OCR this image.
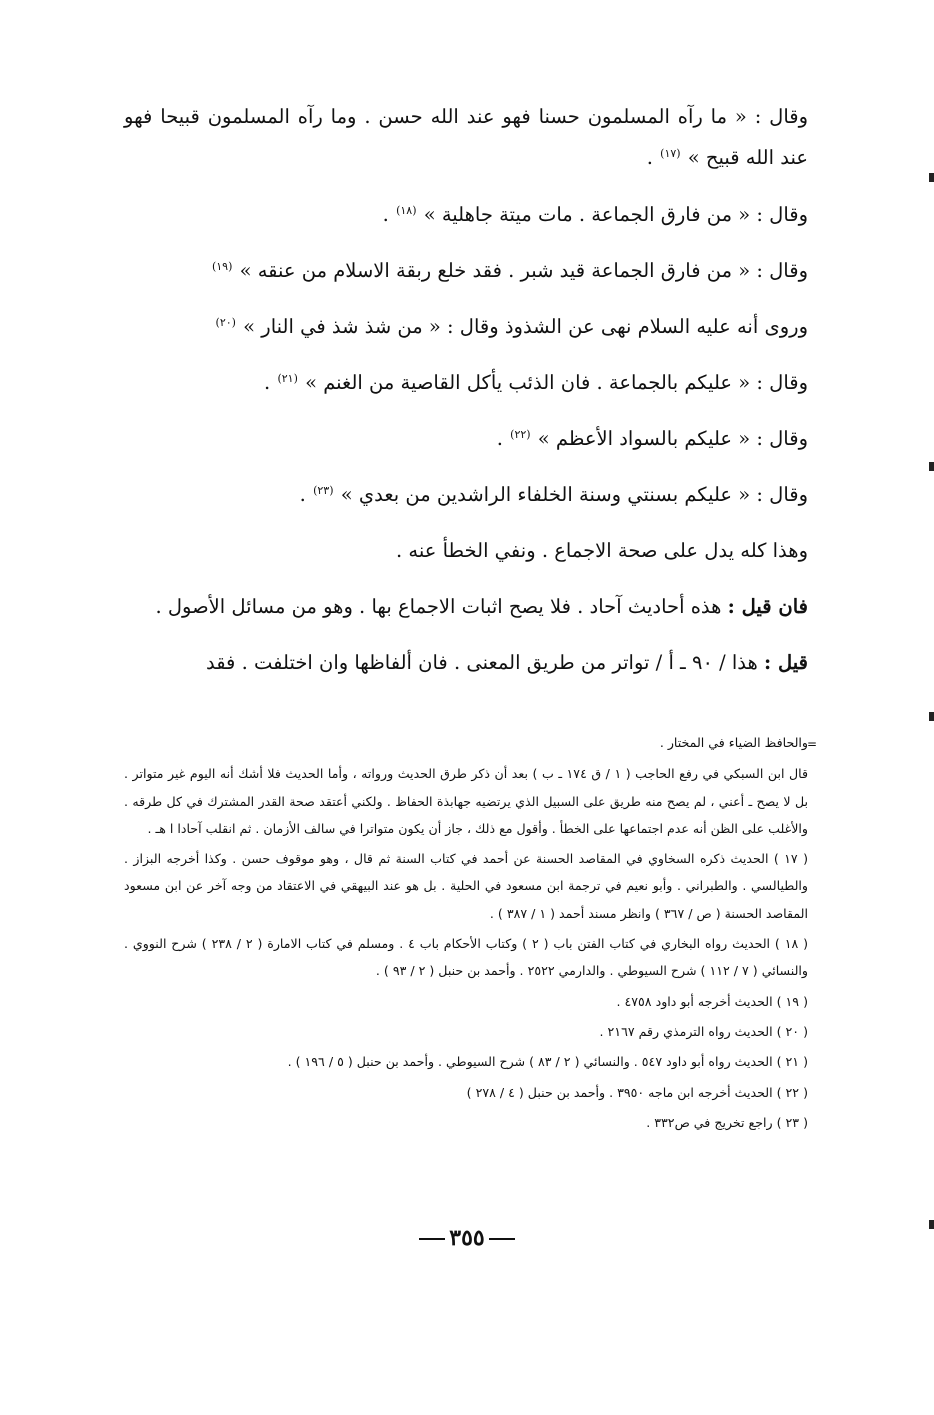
وقال : « ما رآه المسلمون حسنا فهو عند الله حسن . وما رآه المسلمون قبيحا فهو عند الله قبيح » $^{(١٧)}$ .

وقال : « من فارق الجماعة . مات ميتة جاهلية » $^{(١٨)}$ .

وقال : « من فارق الجماعة قيد شبر . فقد خلع ربقة الاسلام من عنقه » $^{(١٩)}$

وروى أنه عليه السلام نهى عن الشذوذ وقال : « من شذ شذ في النار » $^{(٢٠)}$

وقال : « عليكم بالجماعة . فان الذئب يأكل القاصية من الغنم » $^{(٢١)}$ .

وقال : « عليكم بالسواد الأعظم » $^{(٢٢)}$ .

وقال : « عليكم بسنتي وسنة الخلفاء الراشدين من بعدي » $^{(٢٣)}$ .

وهذا كله يدل على صحة الاجماع . ونفي الخطأ عنه .

فان قيل : هذه أحاديث آحاد . فلا يصح اثبات الاجماع بها . وهو من مسائل الأصول .

قيل : هذا / ٩٠ ـ أ / تواتر من طريق المعنى . فان ألفاظها وان اختلفت . فقد

=

والحافظ الضياء في المختار .

قال ابن السبكي في رفع الحاجب ( ١ / ق ١٧٤ ـ ب ) بعد أن ذكر طرق الحديث ورواته ، وأما الحديث فلا أشك أنه اليوم غير متواتر . بل لا يصح ـ أعني ، لم يصح منه طريق على السبيل الذي يرتضيه جهابذة الحفاظ . ولكني أعتقد صحة القدر المشترك في كل طرقه . والأغلب على الظن أنه عدم اجتماعها على الخطأ . وأقول مع ذلك ، جاز أن يكون متواترا في سالف الأزمان . ثم انقلب آحادا ا هـ .

( ١٧ ) الحديث ذكره السخاوي في المقاصد الحسنة عن أحمد في كتاب السنة ثم قال ، وهو موقوف حسن . وكذا أخرجه البزاز . والطيالسي . والطبراني . وأبو نعيم في ترجمة ابن مسعود في الحلية . بل هو عند البيهقي في الاعتقاد من وجه آخر عن ابن مسعود المقاصد الحسنة ( ص / ٣٦٧ ) وانظر مسند أحمد ( ١ / ٣٨٧ ) .

( ١٨ ) الحديث رواه البخاري في كتاب الفتن باب ( ٢ ) وكتاب الأحكام باب ٤ . ومسلم في كتاب الامارة ( ٢ / ٢٣٨ ) شرح النووي . والنسائي ( ٧ / ١١٢ ) شرح السيوطي . والدارمي ٢٥٢٢ . وأحمد بن حنبل ( ٢ / ٩٣ ) .

( ١٩ ) الحديث أخرجه أبو داود ٤٧٥٨ .

( ٢٠ ) الحديث رواه الترمذي رقم ٢١٦٧ .

( ٢١ ) الحديث رواه أبو داود ٥٤٧ . والنسائي ( ٢ / ٨٣ ) شرح السيوطي . وأحمد بن حنبل ( ٥ / ١٩٦ ) .

( ٢٢ ) الحديث أخرجه ابن ماجه ٣٩٥٠ . وأحمد بن حنبل ( ٤ / ٢٧٨ )

( ٢٣ ) راجع تخريج في ص٣٣٢ .

٣٥٥
